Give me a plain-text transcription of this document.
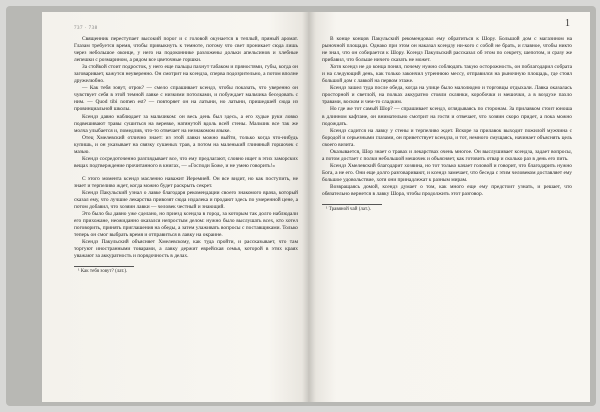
737 · 738

Священник переступает высокий порог и с головой окунается в теплый, пряный аромат. Глазам требуется время, чтобы привыкнуть к темноте, потому что свет проникает сюда лишь через небольшое оконце, у него на подоконнике разложены дольки апельсинов и хлебные лепешки с розмарином, а рядом все цветочные горшки.

За стойкой стоит подросток, у него еще пальцы пахнут табаком и пряностями, губы, когда он заговаривает, кажутся неуверенно. Он смотрит на ксендза, сперва подозрительно, а потом вполне дружелюбно.

— Как тебя зовут, отрок? — смело спрашивает ксендз, чтобы показать, что уверенно он чувствует себя в этой темной лавке с низкими потолками, и побуждает мальчика беседовать с ним. — Quod tibi nomen est? — повторяет он на латыни, но латыни, пришедшей сюда из провинциальной школы.

Ксендз давно наблюдает за мальчиком: он весь день был здесь, а его худые руки ловко подвешивают травы сушиться на веревке, натянутой вдоль всей стены. Мальчик все так же молча улыбается и, помедлив, что-то отвечает на незнакомом языке.

Отец Хмелевский отлично знает: из этой лавки можно выйти, только когда что-нибудь купишь, и он указывает на связку сушеных трав, а потом на маленький глиняный горшочек с мазью.

Ксендз сосредоточенно разглядывает все, что ему предлагают, словно ищет в этих заморских вещах подтверждение прочитанного в книгах, — «Господи Боже, и не умею говорить!»

С этого момента ксендз масленно наважит Иеремией. Он все видит, но как поступить, не знает и терпеливо ждет, когда можно будет раскрыть секрет.

Ксендз Пакульский узнал о лавке благодаря рекомендации своего знакомого врача, который сказал ему, что лучшие лекарства привозят сюда издалека и продают здесь по умеренной цене, а потом добавил, что хозяин лавки — человек честный и знающий.

Это было бы давно уже сделано, но приезд ксендза в город, за которым так долго наблюдали его прихожане, неожиданно оказался непростым делом: нужно было выслушать всех, кто хотел поговорить, принять приглашения на обеды, а затем улаживать вопросы с поставщиками. Только теперь он смог выбрать время и отправиться в лавку на окраине.

Ксендз Пакульский объясняет Хмелевскому, как туда пройти, и рассказывает, что там торгуют иностранными товарами, а лавку держит еврейская семья, которой в этих краях уважают за аккуратность и порядочность в делах.

¹ Как тебя зовут? (лат.).

1

В конце концов Пакульский рекомендовал ему обратиться к Шору. Большой дом с магазином на рыночной площади. Однако при этом он наказал ксендзу ни-кого с собой не брать, и главное, чтобы никто не знал, что он собирается к Шору. Ксендз Пакульский рассказал об этом по секрету, шепотом, и сразу же прибавил, что больше ничего сказать не может.

Хотя ксендз не до конца понял, почему нужно соблюдать такую осторожность, он поблагодарил собрата и на следующий день, как только закончил утреннюю мессу, отправился на рыночную площадь, где стоял большой дом с лавкой на первом этаже.

Ксендз зашел туда после обеда, когда на улице было малолюдно и торговцы отдыхали. Лавка оказалась просторной и светлой, на полках аккуратно стояли склянки, коробочки и мешочки, а в воздухе пахло травами, воском и чем-то сладким.

Но где же тот самый Шор? — спрашивает ксендз, оглядываясь по сторонам. За прилавком стоит юноша в длинном кафтане, он внимательно смотрит на гостя и отвечает, что хозяин скоро придет, а пока можно подождать.

Ксендз садится на лавку у стены и терпеливо ждет. Вскоре за прилавок выходит пожилой мужчина с бородой и серьезными глазами, он приветствует ксендза, и тот, немного смущаясь, начинает объяснять цель своего визита.

Оказывается, Шор знает о травах и лекарствах очень многое. Он выслушивает ксендза, задает вопросы, а потом достает с полки небольшой мешочек и объясняет, как готовить отвар и сколько раз в день его пить.

Ксендз Хмелевский благодарит хозяина, но тот только качает головой и говорит, что благодарить нужно Бога, а не его. Они еще долго разговаривают, и ксендз замечает, что беседа с этим человеком доставляет ему большое удовольствие, хотя они принадлежат к разным мирам.

Возвращаясь домой, ксендз думает о том, как много еще ему предстоит узнать, и решает, что обязательно вернется в лавку Шора, чтобы продолжить этот разговор.

¹ Травяной чай (лат.).
